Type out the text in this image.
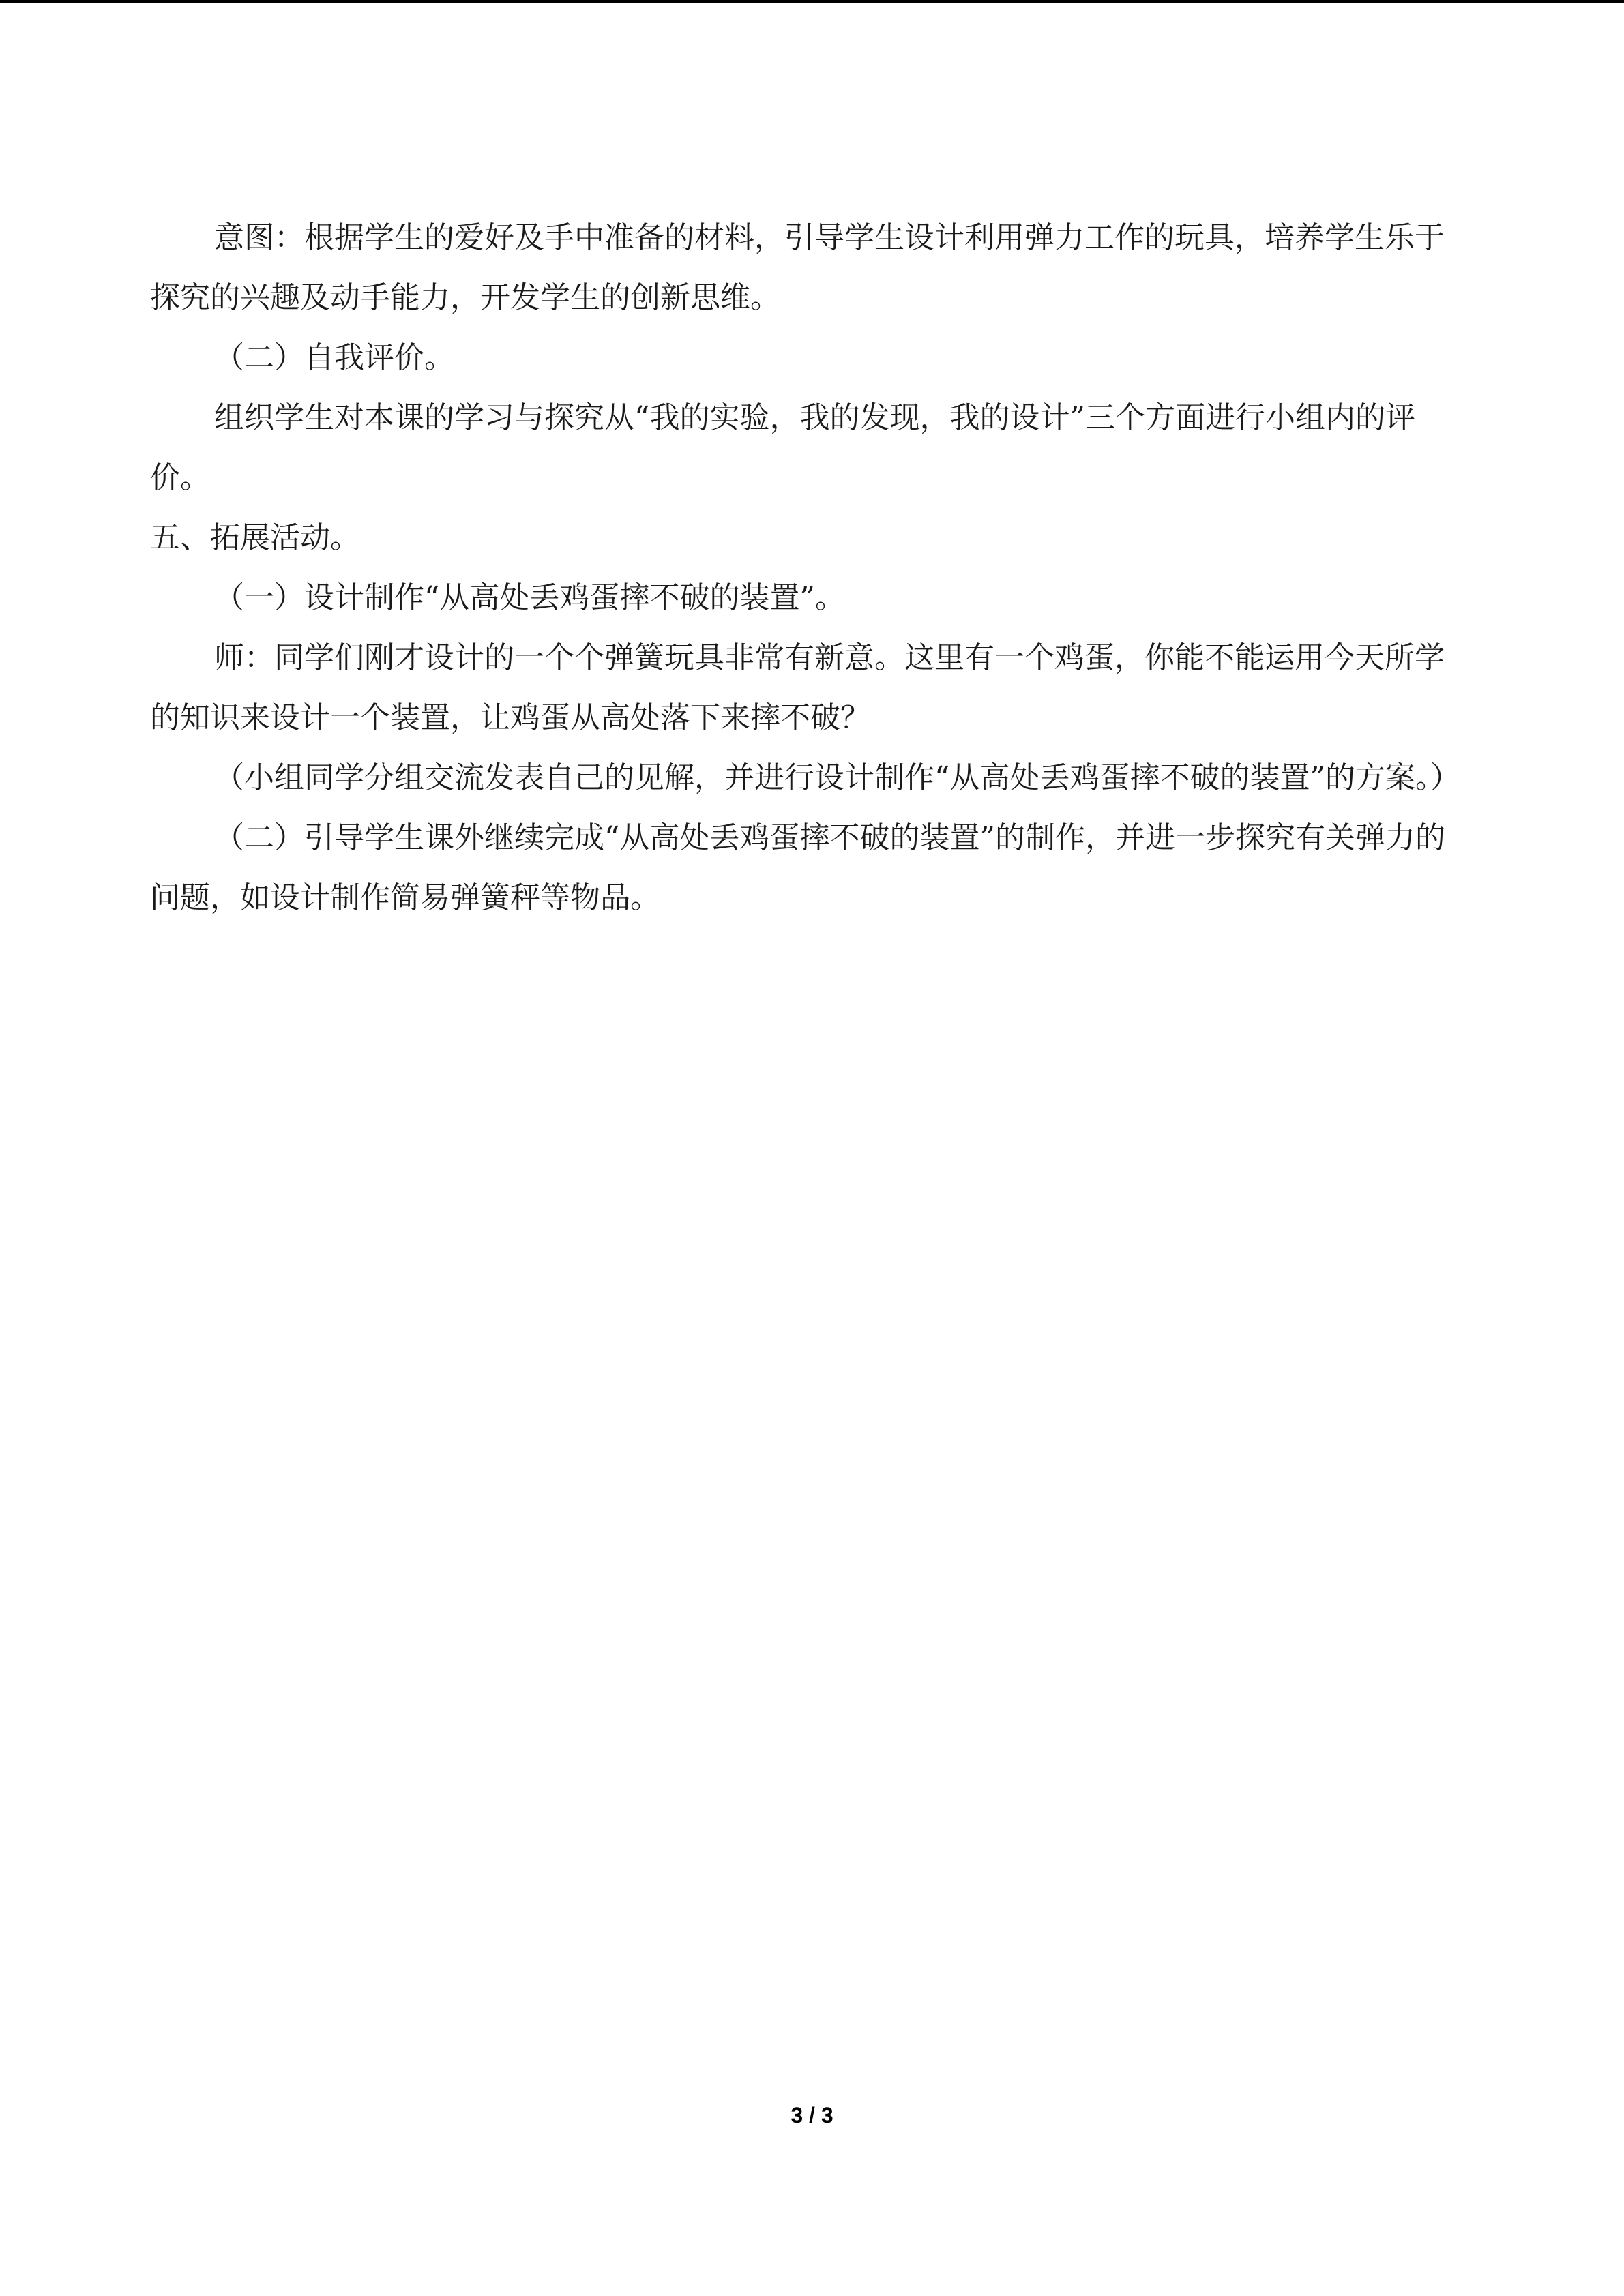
意图：根据学生的爱好及手中准备的材料，引导学生设计利用弹力工作的玩具，培养学生乐于探究的兴趣及动手能力，开发学生的创新思维。

（二）自我评价。

组织学生对本课的学习与探究从“我的实验，我的发现，我的设计”三个方面进行小组内的评价。

五、拓展活动。

（一）设计制作“从高处丢鸡蛋摔不破的装置”。

师：同学们刚才设计的一个个弹簧玩具非常有新意。这里有一个鸡蛋，你能不能运用今天所学的知识来设计一个装置，让鸡蛋从高处落下来摔不破？

（小组同学分组交流发表自己的见解，并进行设计制作“从高处丢鸡蛋摔不破的装置”的方案。）

（二）引导学生课外继续完成“从高处丢鸡蛋摔不破的装置”的制作，并进一步探究有关弹力的问题，如设计制作简易弹簧秤等物品。

3 / 3
